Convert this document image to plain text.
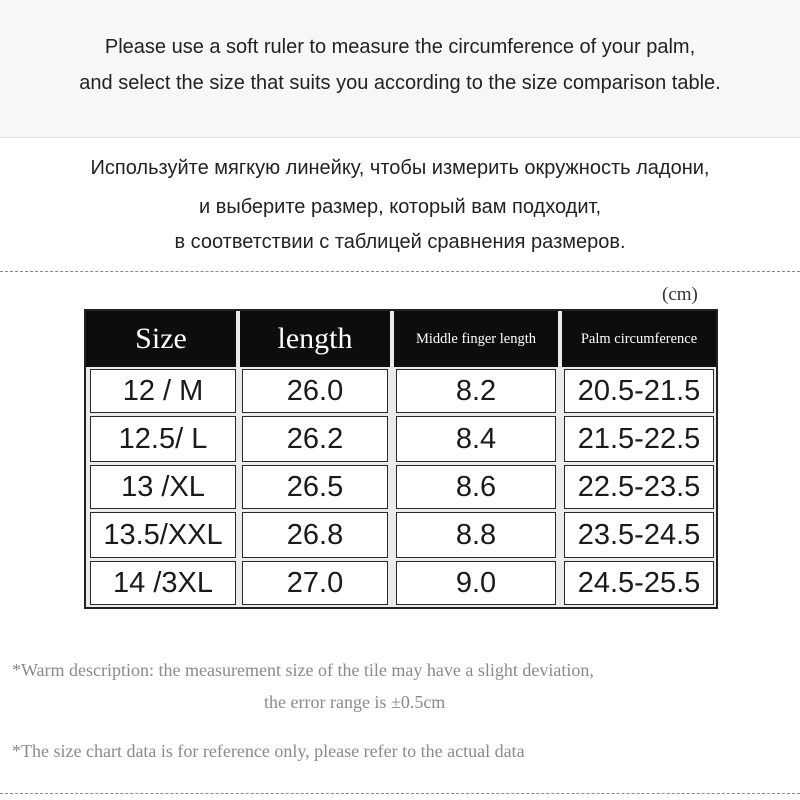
Please use a soft ruler to measure the circumference of your palm,
and select the size that suits you according to the size comparison table.
Используйте мягкую линейку, чтобы измерить окружность ладони,
и выберите размер, который вам подходит,
в соответствии с таблицей сравнения размеров.
(cm)
Size	length	Middle finger length	Palm circumference
12 / M	26.0	8.2	20.5-21.5
12.5/ L	26.2	8.4	21.5-22.5
13 /XL	26.5	8.6	22.5-23.5
13.5/XXL	26.8	8.8	23.5-24.5
14 /3XL	27.0	9.0	24.5-25.5
*Warm description: the measurement size of the tile may have a slight deviation,
the error range is ±0.5cm
*The size chart data is for reference only, please refer to the actual data
